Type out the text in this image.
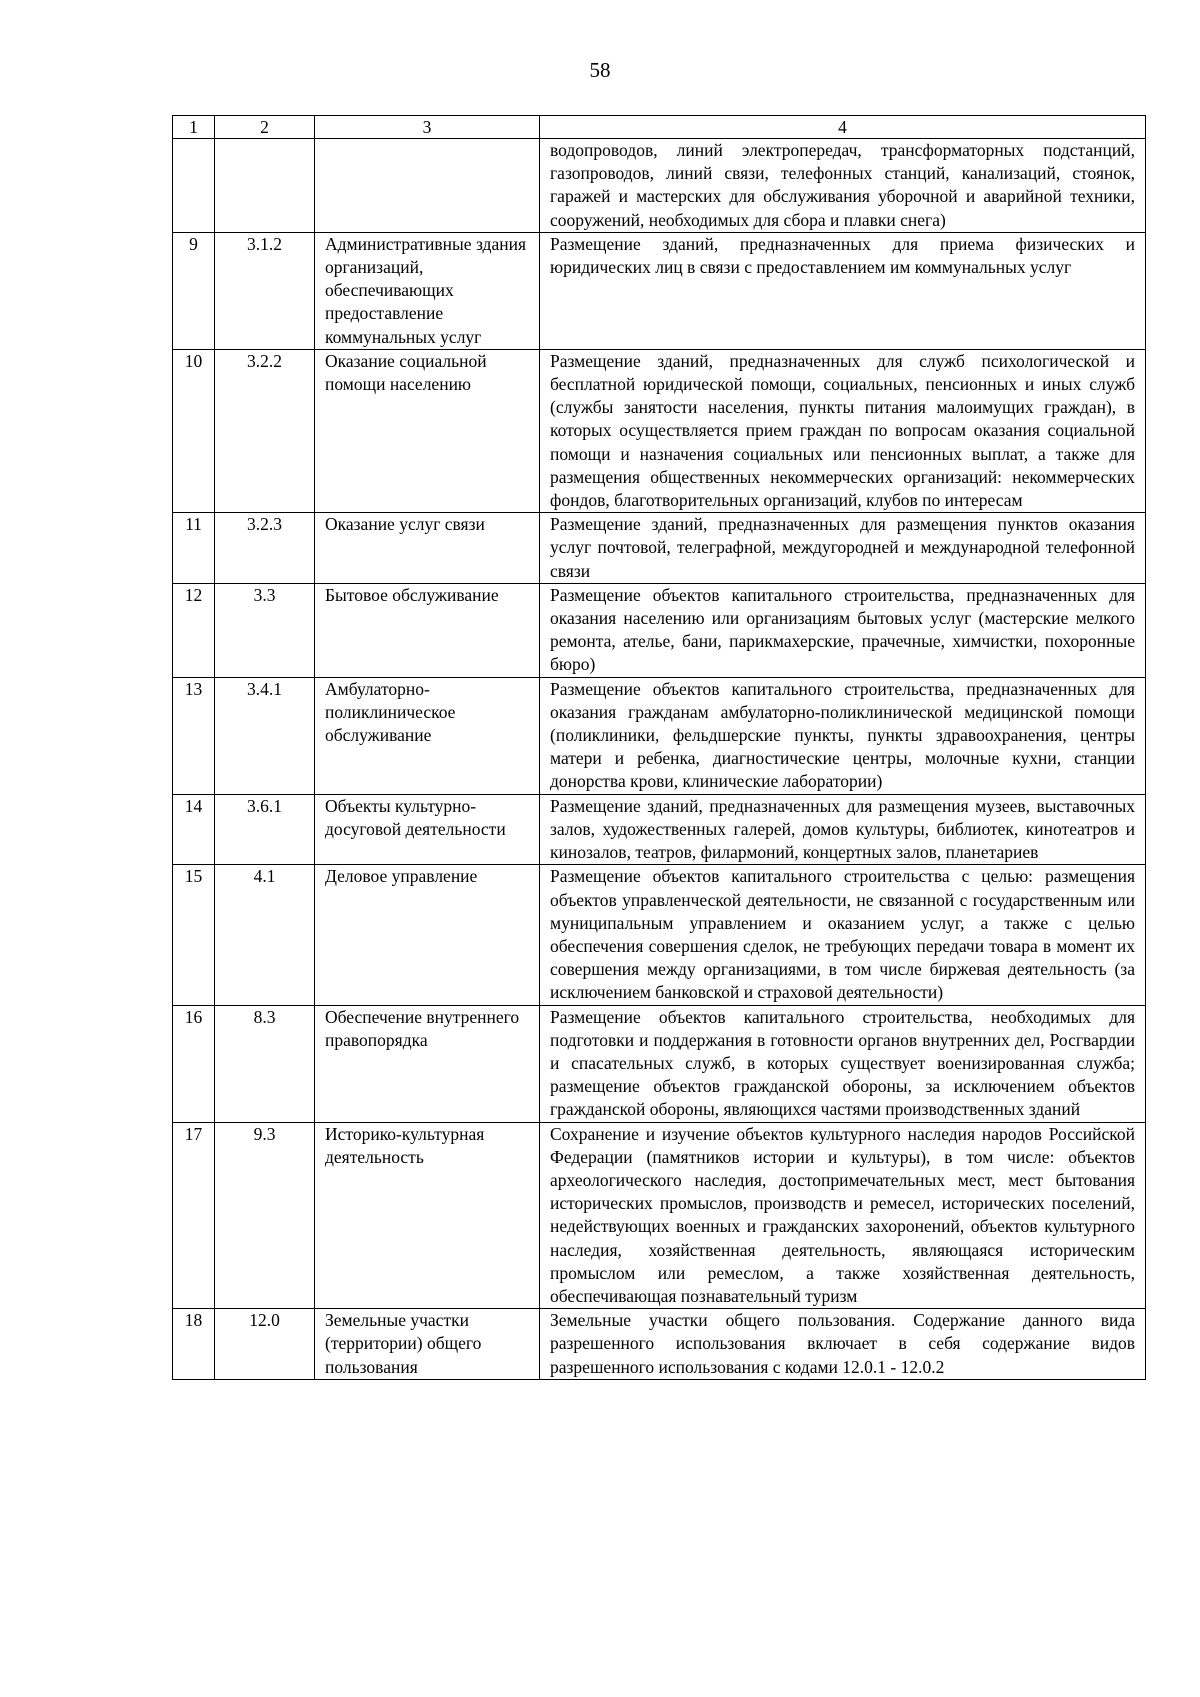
58
1	2	3	4
			водопроводов, линий электропередач, трансформаторных подстанций, газопроводов, линий связи, телефонных станций, канализаций, стоянок, гаражей и мастерских для обслуживания уборочной и аварийной техники, сооружений, необходимых для сбора и плавки снега)
9	3.1.2	Административные здания организаций, обеспечивающих предоставление коммунальных услуг	Размещение зданий, предназначенных для приема физических и юридических лиц в связи с предоставлением им коммунальных услуг
10	3.2.2	Оказание социальной помощи населению	Размещение зданий, предназначенных для служб психологической и бесплатной юридической помощи, социальных, пенсионных и иных служб (службы занятости населения, пункты питания малоимущих граждан), в которых осуществляется прием граждан по вопросам оказания социальной помощи и назначения социальных или пенсионных выплат, а также для размещения общественных некоммерческих организаций: некоммерческих фондов, благотворительных организаций, клубов по интересам
11	3.2.3	Оказание услуг связи	Размещение зданий, предназначенных для размещения пунктов оказания услуг почтовой, телеграфной, междугородней и международной телефонной связи
12	3.3	Бытовое обслуживание	Размещение объектов капитального строительства, предназначенных для оказания населению или организациям бытовых услуг (мастерские мелкого ремонта, ателье, бани, парикмахерские, прачечные, химчистки, похоронные бюро)
13	3.4.1	Амбулаторно-поликлиническое обслуживание	Размещение объектов капитального строительства, предназначенных для оказания гражданам амбулаторно-поликлинической медицинской помощи (поликлиники, фельдшерские пункты, пункты здравоохранения, центры матери и ребенка, диагностические центры, молочные кухни, станции донорства крови, клинические лаборатории)
14	3.6.1	Объекты культурно-досуговой деятельности	Размещение зданий, предназначенных для размещения музеев, выставочных залов, художественных галерей, домов культуры, библиотек, кинотеатров и кинозалов, театров, филармоний, концертных залов, планетариев
15	4.1	Деловое управление	Размещение объектов капитального строительства с целью: размещения объектов управленческой деятельности, не связанной с государственным или муниципальным управлением и оказанием услуг, а также с целью обеспечения совершения сделок, не требующих передачи товара в момент их совершения между организациями, в том числе биржевая деятельность (за исключением банковской и страховой деятельности)
16	8.3	Обеспечение внутреннего правопорядка	Размещение объектов капитального строительства, необходимых для подготовки и поддержания в готовности органов внутренних дел, Росгвардии и спасательных служб, в которых существует военизированная служба; размещение объектов гражданской обороны, за исключением объектов гражданской обороны, являющихся частями производственных зданий
17	9.3	Историко-культурная деятельность	Сохранение и изучение объектов культурного наследия народов Российской Федерации (памятников истории и культуры), в том числе: объектов археологического наследия, достопримечательных мест, мест бытования исторических промыслов, производств и ремесел, исторических поселений, недействующих военных и гражданских захоронений, объектов культурного наследия, хозяйственная деятельность, являющаяся историческим промыслом или ремеслом, а также хозяйственная деятельность, обеспечивающая познавательный туризм
18	12.0	Земельные участки (территории) общего пользования	Земельные участки общего пользования. Содержание данного вида разрешенного использования включает в себя содержание видов разрешенного использования с кодами 12.0.1 - 12.0.2
